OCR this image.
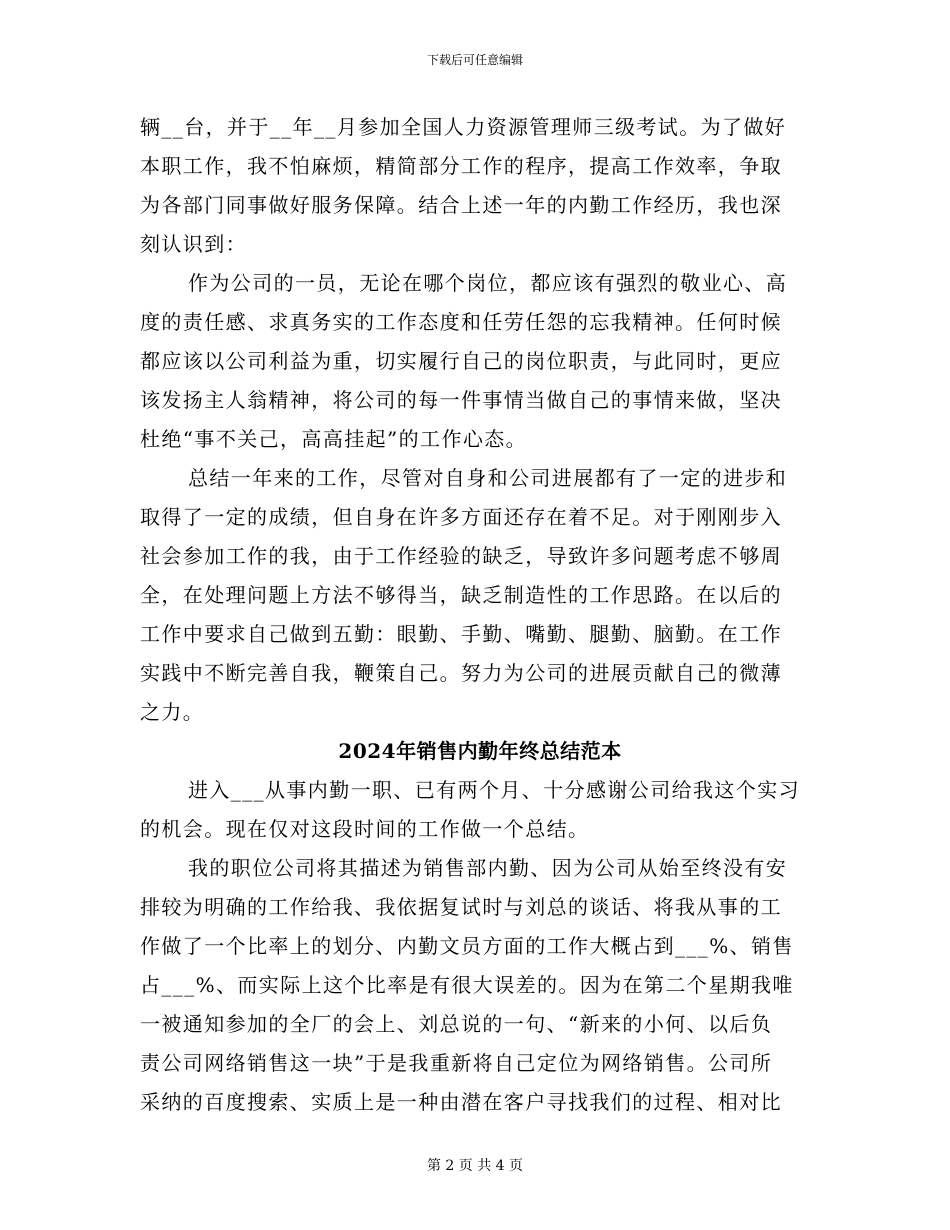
下载后可任意编辑
辆__台，并于__年__月参加全国人力资源管理师三级考试。为了做好
本职工作，我不怕麻烦，精简部分工作的程序，提高工作效率，争取
为各部门同事做好服务保障。结合上述一年的内勤工作经历，我也深
刻认识到：
作为公司的一员，无论在哪个岗位，都应该有强烈的敬业心、高
度的责任感、求真务实的工作态度和任劳任怨的忘我精神。任何时候
都应该以公司利益为重，切实履行自己的岗位职责，与此同时，更应
该发扬主人翁精神，将公司的每一件事情当做自己的事情来做，坚决
杜绝“事不关己，高高挂起”的工作心态。
总结一年来的工作，尽管对自身和公司进展都有了一定的进步和
取得了一定的成绩，但自身在许多方面还存在着不足。对于刚刚步入
社会参加工作的我，由于工作经验的缺乏，导致许多问题考虑不够周
全，在处理问题上方法不够得当，缺乏制造性的工作思路。在以后的
工作中要求自己做到五勤：眼勤、手勤、嘴勤、腿勤、脑勤。在工作
实践中不断完善自我，鞭策自己。努力为公司的进展贡献自己的微薄
之力。
2024年销售内勤年终总结范本
进入___从事内勤一职、已有两个月、十分感谢公司给我这个实习
的机会。现在仅对这段时间的工作做一个总结。
我的职位公司将其描述为销售部内勤、因为公司从始至终没有安
排较为明确的工作给我、我依据复试时与刘总的谈话、将我从事的工
作做了一个比率上的划分、内勤文员方面的工作大概占到___%、销售
占___%、而实际上这个比率是有很大误差的。因为在第二个星期我唯
一被通知参加的全厂的会上、刘总说的一句、“新来的小何、以后负
责公司网络销售这一块”于是我重新将自己定位为网络销售。公司所
采纳的百度搜索、实质上是一种由潜在客户寻找我们的过程、相对比
第 2 页 共 4 页
